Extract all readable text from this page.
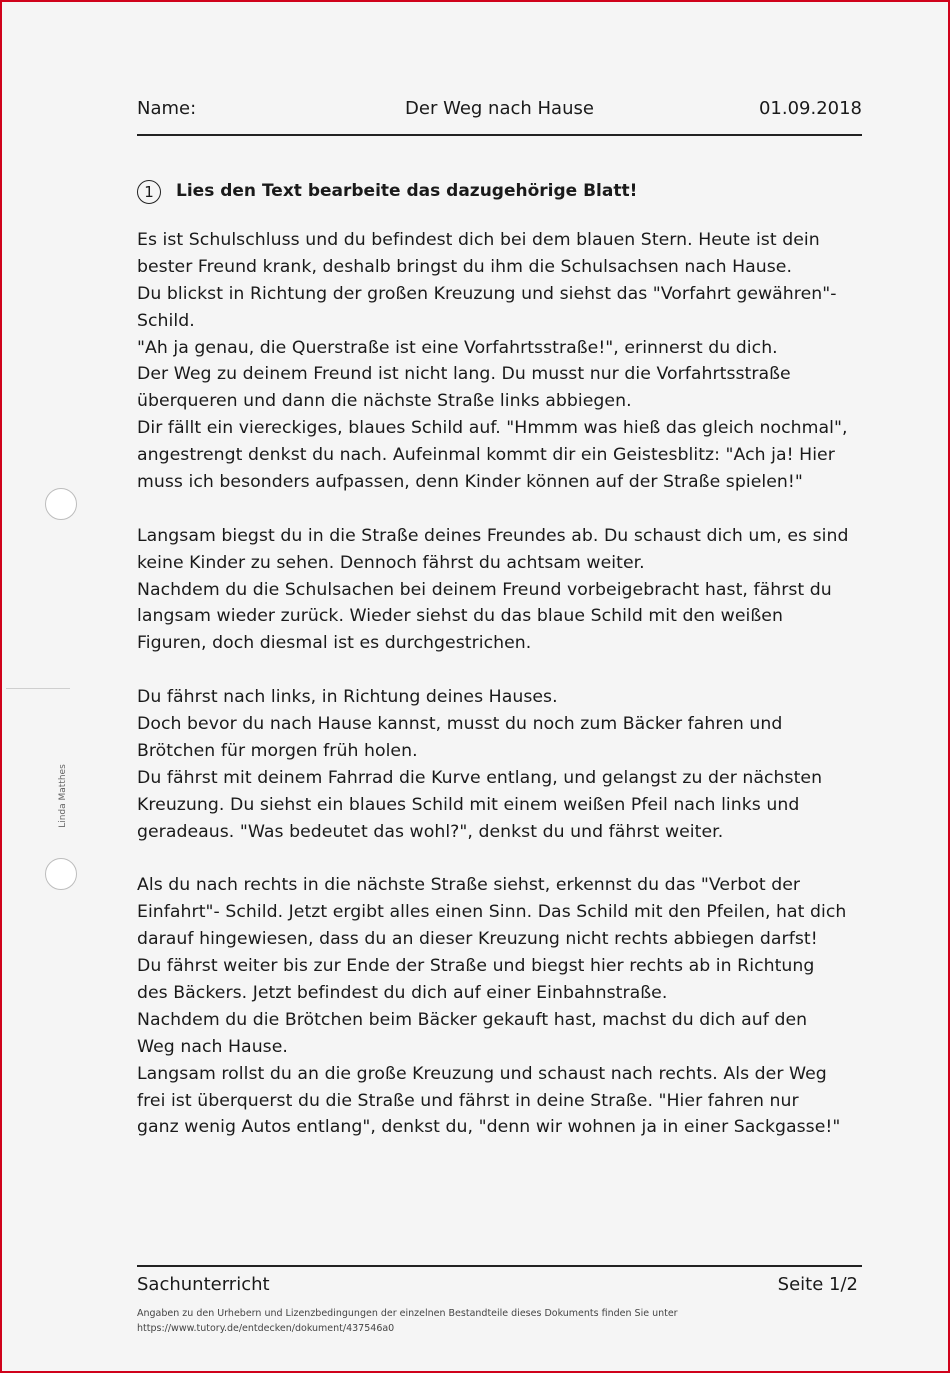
Linda Matthes
Name:	Der Weg nach Hause	01.09.2018
1	Lies den Text bearbeite das dazugehörige Blatt!
Es ist Schulschluss und du befindest dich bei dem blauen Stern. Heute ist dein
bester Freund krank, deshalb bringst du ihm die Schulsachsen nach Hause.
Du blickst in Richtung der großen Kreuzung und siehst das "Vorfahrt gewähren"-
Schild.
"Ah ja genau, die Querstraße ist eine Vorfahrtsstraße!", erinnerst du dich.
Der Weg zu deinem Freund ist nicht lang. Du musst nur die Vorfahrtsstraße
überqueren und dann die nächste Straße links abbiegen.
Dir fällt ein viereckiges, blaues Schild auf. "Hmmm was hieß das gleich nochmal",
angestrengt denkst du nach. Aufeinmal kommt dir ein Geistesblitz: "Ach ja! Hier
muss ich besonders aufpassen, denn Kinder können auf der Straße spielen!"
Langsam biegst du in die Straße deines Freundes ab. Du schaust dich um, es sind
keine Kinder zu sehen. Dennoch fährst du achtsam weiter.
Nachdem du die Schulsachen bei deinem Freund vorbeigebracht hast, fährst du
langsam wieder zurück. Wieder siehst du das blaue Schild mit den weißen
Figuren, doch diesmal ist es durchgestrichen.
Du fährst nach links, in Richtung deines Hauses.
Doch bevor du nach Hause kannst, musst du noch zum Bäcker fahren und
Brötchen für morgen früh holen.
Du fährst mit deinem Fahrrad die Kurve entlang, und gelangst zu der nächsten
Kreuzung. Du siehst ein blaues Schild mit einem weißen Pfeil nach links und
geradeaus. "Was bedeutet das wohl?", denkst du und fährst weiter.
Als du nach rechts in die nächste Straße siehst, erkennst du das "Verbot der
Einfahrt"- Schild. Jetzt ergibt alles einen Sinn. Das Schild mit den Pfeilen, hat dich
darauf hingewiesen, dass du an dieser Kreuzung nicht rechts abbiegen darfst!
Du fährst weiter bis zur Ende der Straße und biegst hier rechts ab in Richtung
des Bäckers. Jetzt befindest du dich auf einer Einbahnstraße.
Nachdem du die Brötchen beim Bäcker gekauft hast, machst du dich auf den
Weg nach Hause.
Langsam rollst du an die große Kreuzung und schaust nach rechts. Als der Weg
frei ist überquerst du die Straße und fährst in deine Straße. "Hier fahren nur
ganz wenig Autos entlang", denkst du, "denn wir wohnen ja in einer Sackgasse!"
Sachunterricht	Seite 1/2
Angaben zu den Urhebern und Lizenzbedingungen der einzelnen Bestandteile dieses Dokuments finden Sie unter
https://www.tutory.de/entdecken/dokument/437546a0
